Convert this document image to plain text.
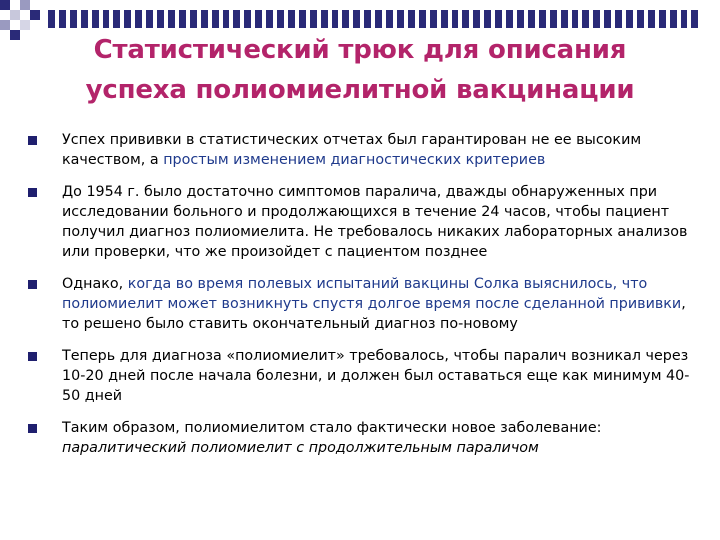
Статистический трюк для описания
успеха полиомиелитной вакцинации
Успех прививки в статистических отчетах был гарантирован не ее высоким качеством, а простым изменением диагностических критериев
До 1954 г. было достаточно симптомов паралича, дважды обнаруженных при исследовании больного и продолжающихся в течение 24 часов, чтобы пациент получил диагноз полиомиелита. Не требовалось никаких лабораторных анализов или проверки, что же произойдет с пациентом позднее
Однако, когда во время полевых испытаний вакцины Солка выяснилось, что полиомиелит может возникнуть спустя долгое время после сделанной прививки, то решено было ставить окончательный диагноз по-новому
Теперь для диагноза «полиомиелит» требовалось, чтобы паралич возникал через 10-20 дней после начала болезни, и должен был оставаться еще как минимум 40-50 дней
Таким образом, полиомиелитом стало фактически новое заболевание: паралитический полиомиелит с продолжительным параличом
